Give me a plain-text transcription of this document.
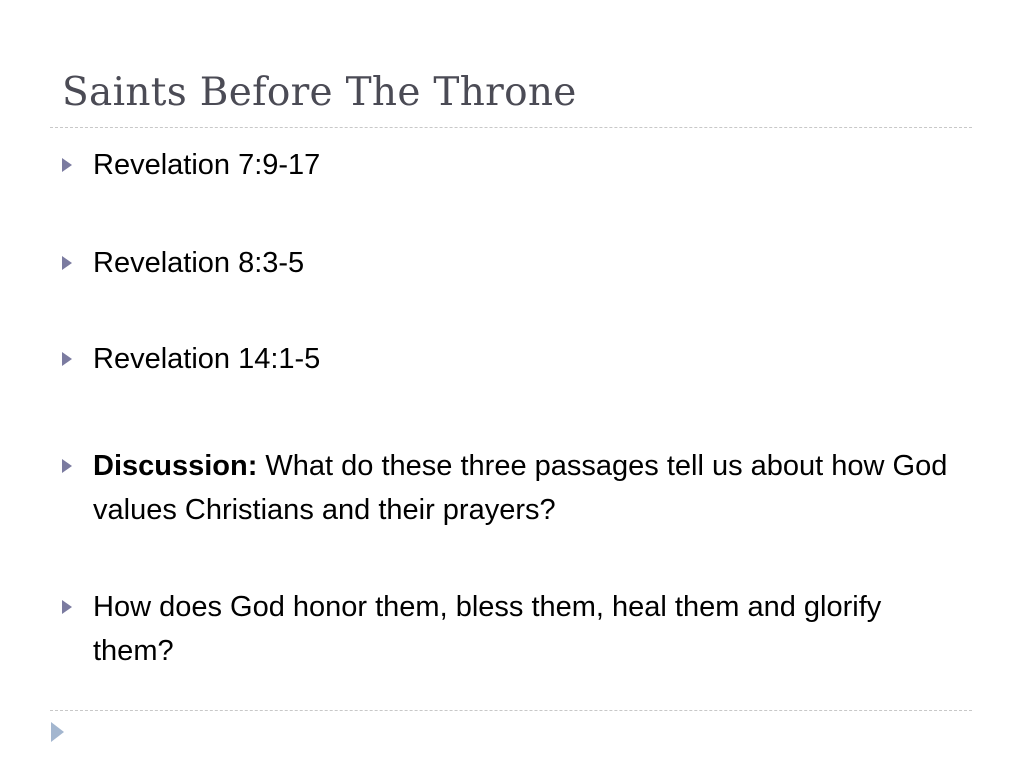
Saints Before The Throne
Revelation 7:9-17
Revelation 8:3-5
Revelation 14:1-5
Discussion: What do these three passages tell us about how God values Christians and their prayers?
How does God honor them, bless them, heal them and glorify them?
